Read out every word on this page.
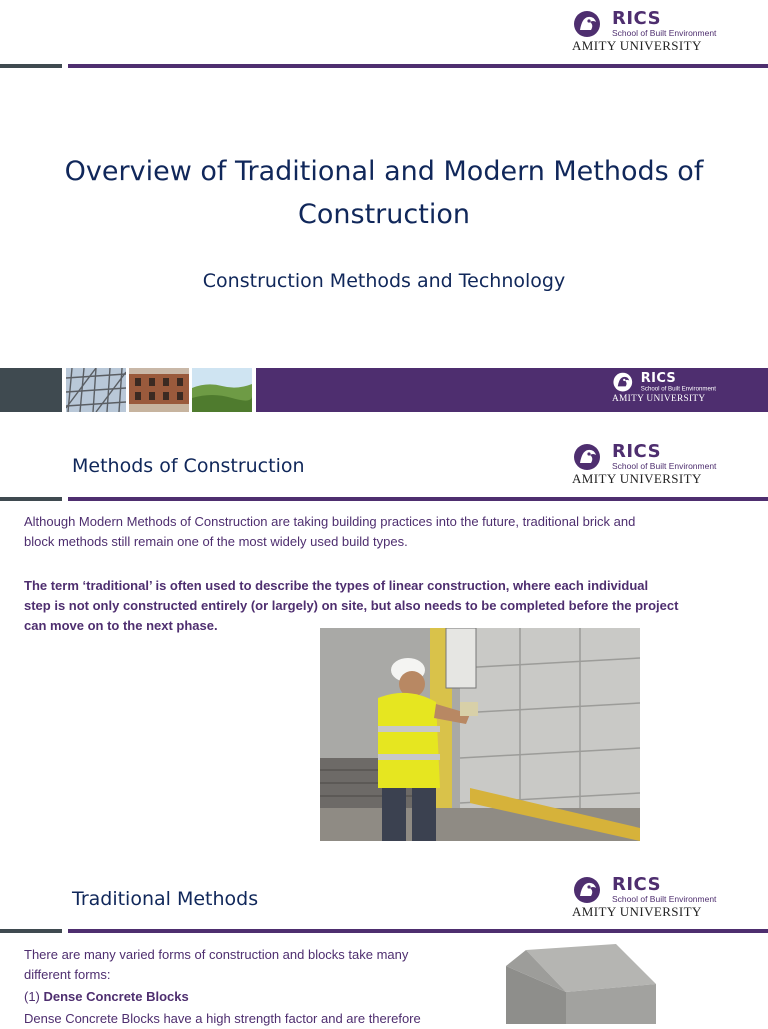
RICS
School of Built Environment
AMITY UNIVERSITY
Overview of Traditional and Modern Methods of
Construction
Construction Methods and Technology
RICS
School of Built Environment
AMITY UNIVERSITY
Methods of Construction
RICS
School of Built Environment
AMITY UNIVERSITY
Although Modern Methods of Construction are taking building practices into the future, traditional brick and
block methods still remain one of the most widely used build types.
The term ‘traditional’ is often used to describe the types of linear construction, where each individual
step is not only constructed entirely (or largely) on site, but also needs to be completed before the project
can move on to the next phase.
Traditional Methods
RICS
School of Built Environment
AMITY UNIVERSITY
There are many varied forms of construction and blocks take many
different forms:
(1) Dense Concrete Blocks
Dense Concrete Blocks have a high strength factor and are therefore
